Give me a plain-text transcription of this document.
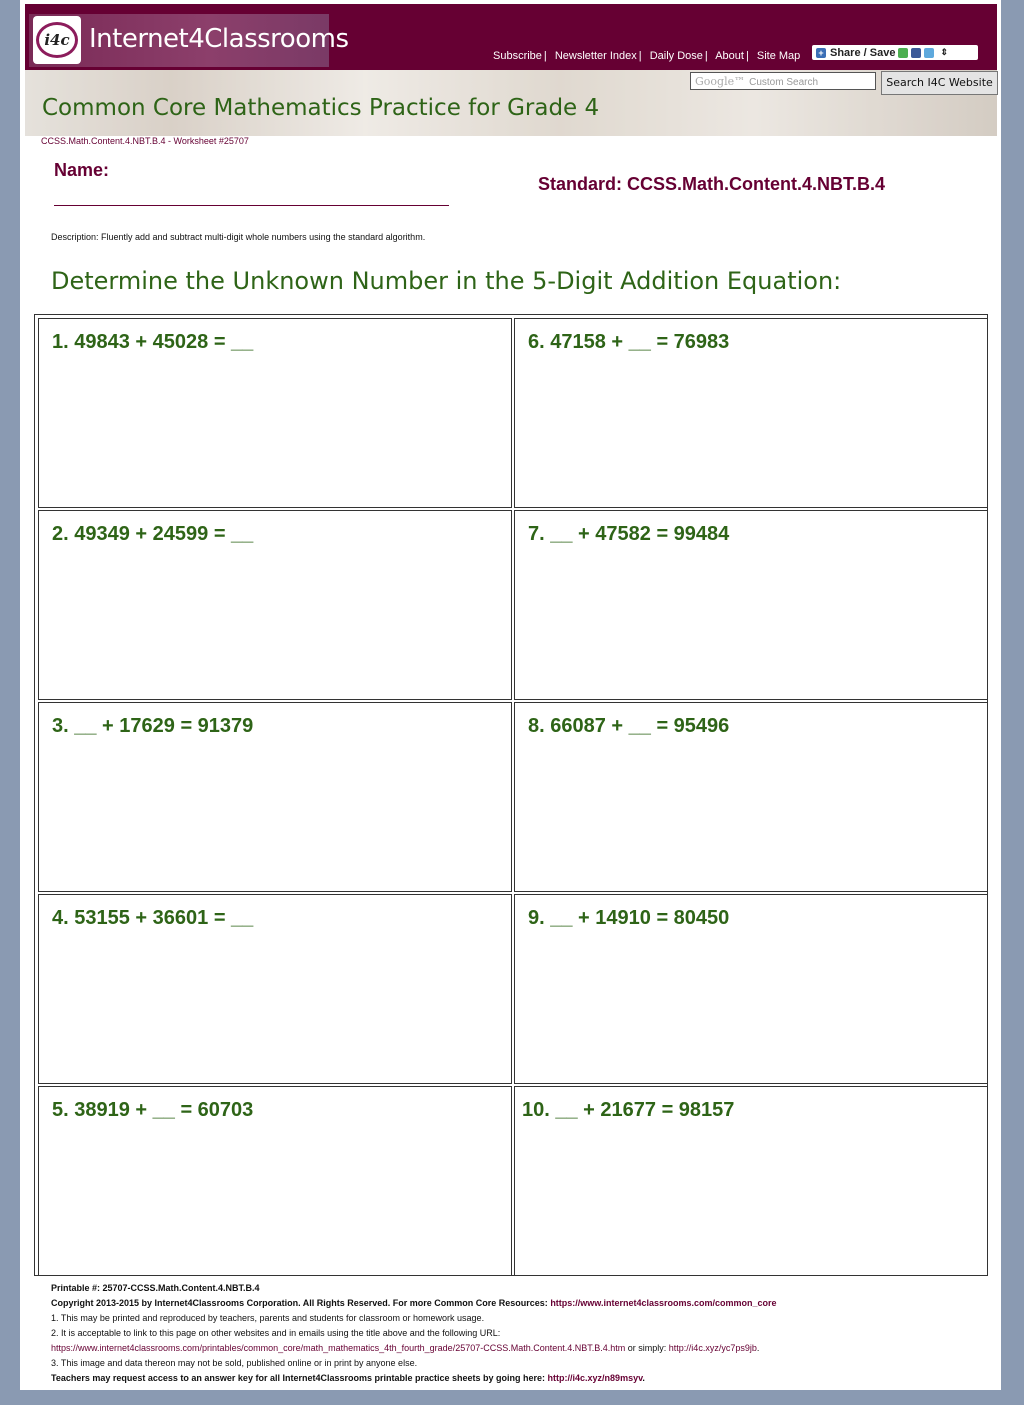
i4c Internet4Classrooms
Subscribe | Newsletter Index | Daily Dose | About | Site Map + Share / Save	⇕
Google™ Custom Search	Search I4C Website
Common Core Mathematics Practice for Grade 4
CCSS.Math.Content.4.NBT.B.4 - Worksheet #25707
Name:
Standard: CCSS.Math.Content.4.NBT.B.4
Description: Fluently add and subtract multi-digit whole numbers using the standard algorithm.
Determine the Unknown Number in the 5-Digit Addition Equation:
1. 49843 + 45028 = __
2. 49349 + 24599 = __
3. __ + 17629 = 91379
4. 53155 + 36601 = __
5. 38919 + __ = 60703
6. 47158 + __ = 76983
7. __ + 47582 = 99484
8. 66087 + __ = 95496
9. __ + 14910 = 80450
10. __ + 21677 = 98157
Printable #: 25707-CCSS.Math.Content.4.NBT.B.4
Copyright 2013-2015 by Internet4Classrooms Corporation. All Rights Reserved. For more Common Core Resources: https://www.internet4classrooms.com/common_core
1. This may be printed and reproduced by teachers, parents and students for classroom or homework usage.
2. It is acceptable to link to this page on other websites and in emails using the title above and the following URL:
https://www.internet4classrooms.com/printables/common_core/math_mathematics_4th_fourth_grade/25707-CCSS.Math.Content.4.NBT.B.4.htm or simply: http://i4c.xyz/yc7ps9jb.
3. This image and data thereon may not be sold, published online or in print by anyone else.
Teachers may request access to an answer key for all Internet4Classrooms printable practice sheets by going here: http://i4c.xyz/n89msyv.
